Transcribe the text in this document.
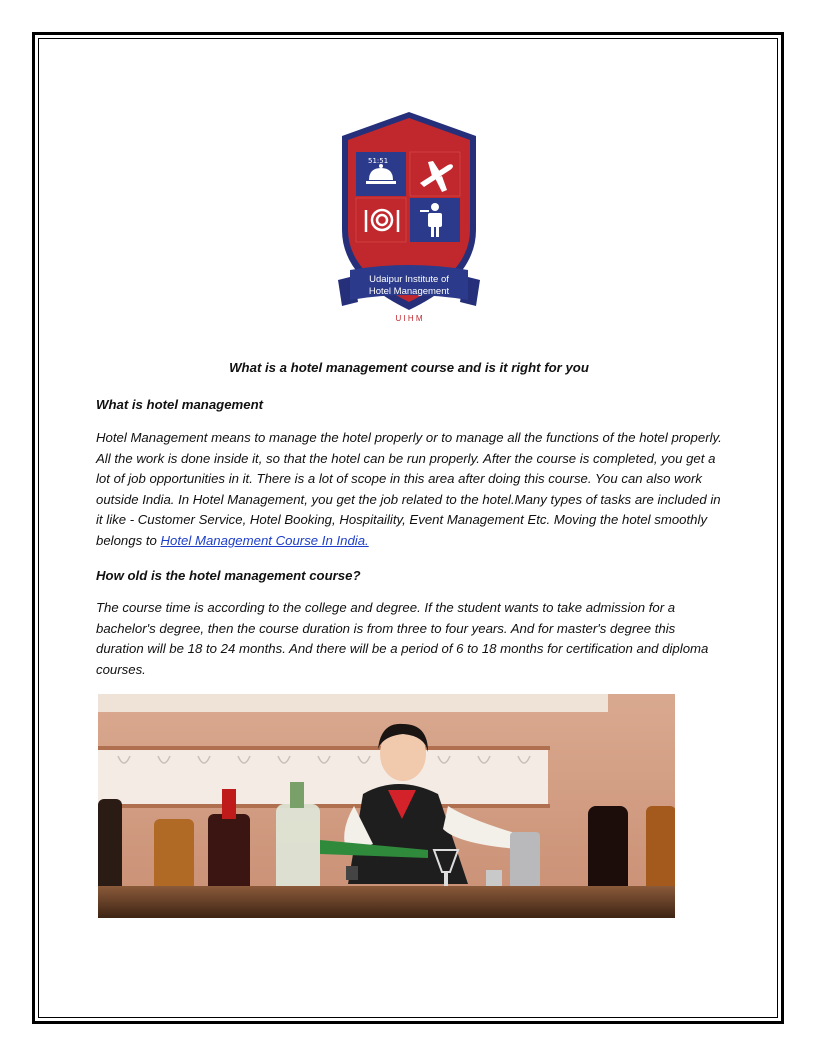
51:51
Udaipur Institute of
Hotel Management
U I H M
What is a hotel management course and is it right for you
What is hotel management
Hotel Management means to manage the hotel properly or to manage all the functions of the hotel properly. All the work is done inside it, so that the hotel can be run properly. After the course is completed, you get a lot of job opportunities in it. There is a lot of scope in this area after doing this course. You can also work outside India. In Hotel Management, you get the job related to the hotel.Many types of tasks are included in it like - Customer Service, Hotel Booking, Hospitaility, Event Management Etc. Moving the hotel smoothly belongs to Hotel Management Course In India.
How old is the hotel management course?
The course time is according to the college and degree. If the student wants to take admission for a bachelor's degree, then the course duration is from three to four years. And for master's degree this duration will be 18 to 24 months. And there will be a period of 6 to 18 months for certification and diploma courses.
